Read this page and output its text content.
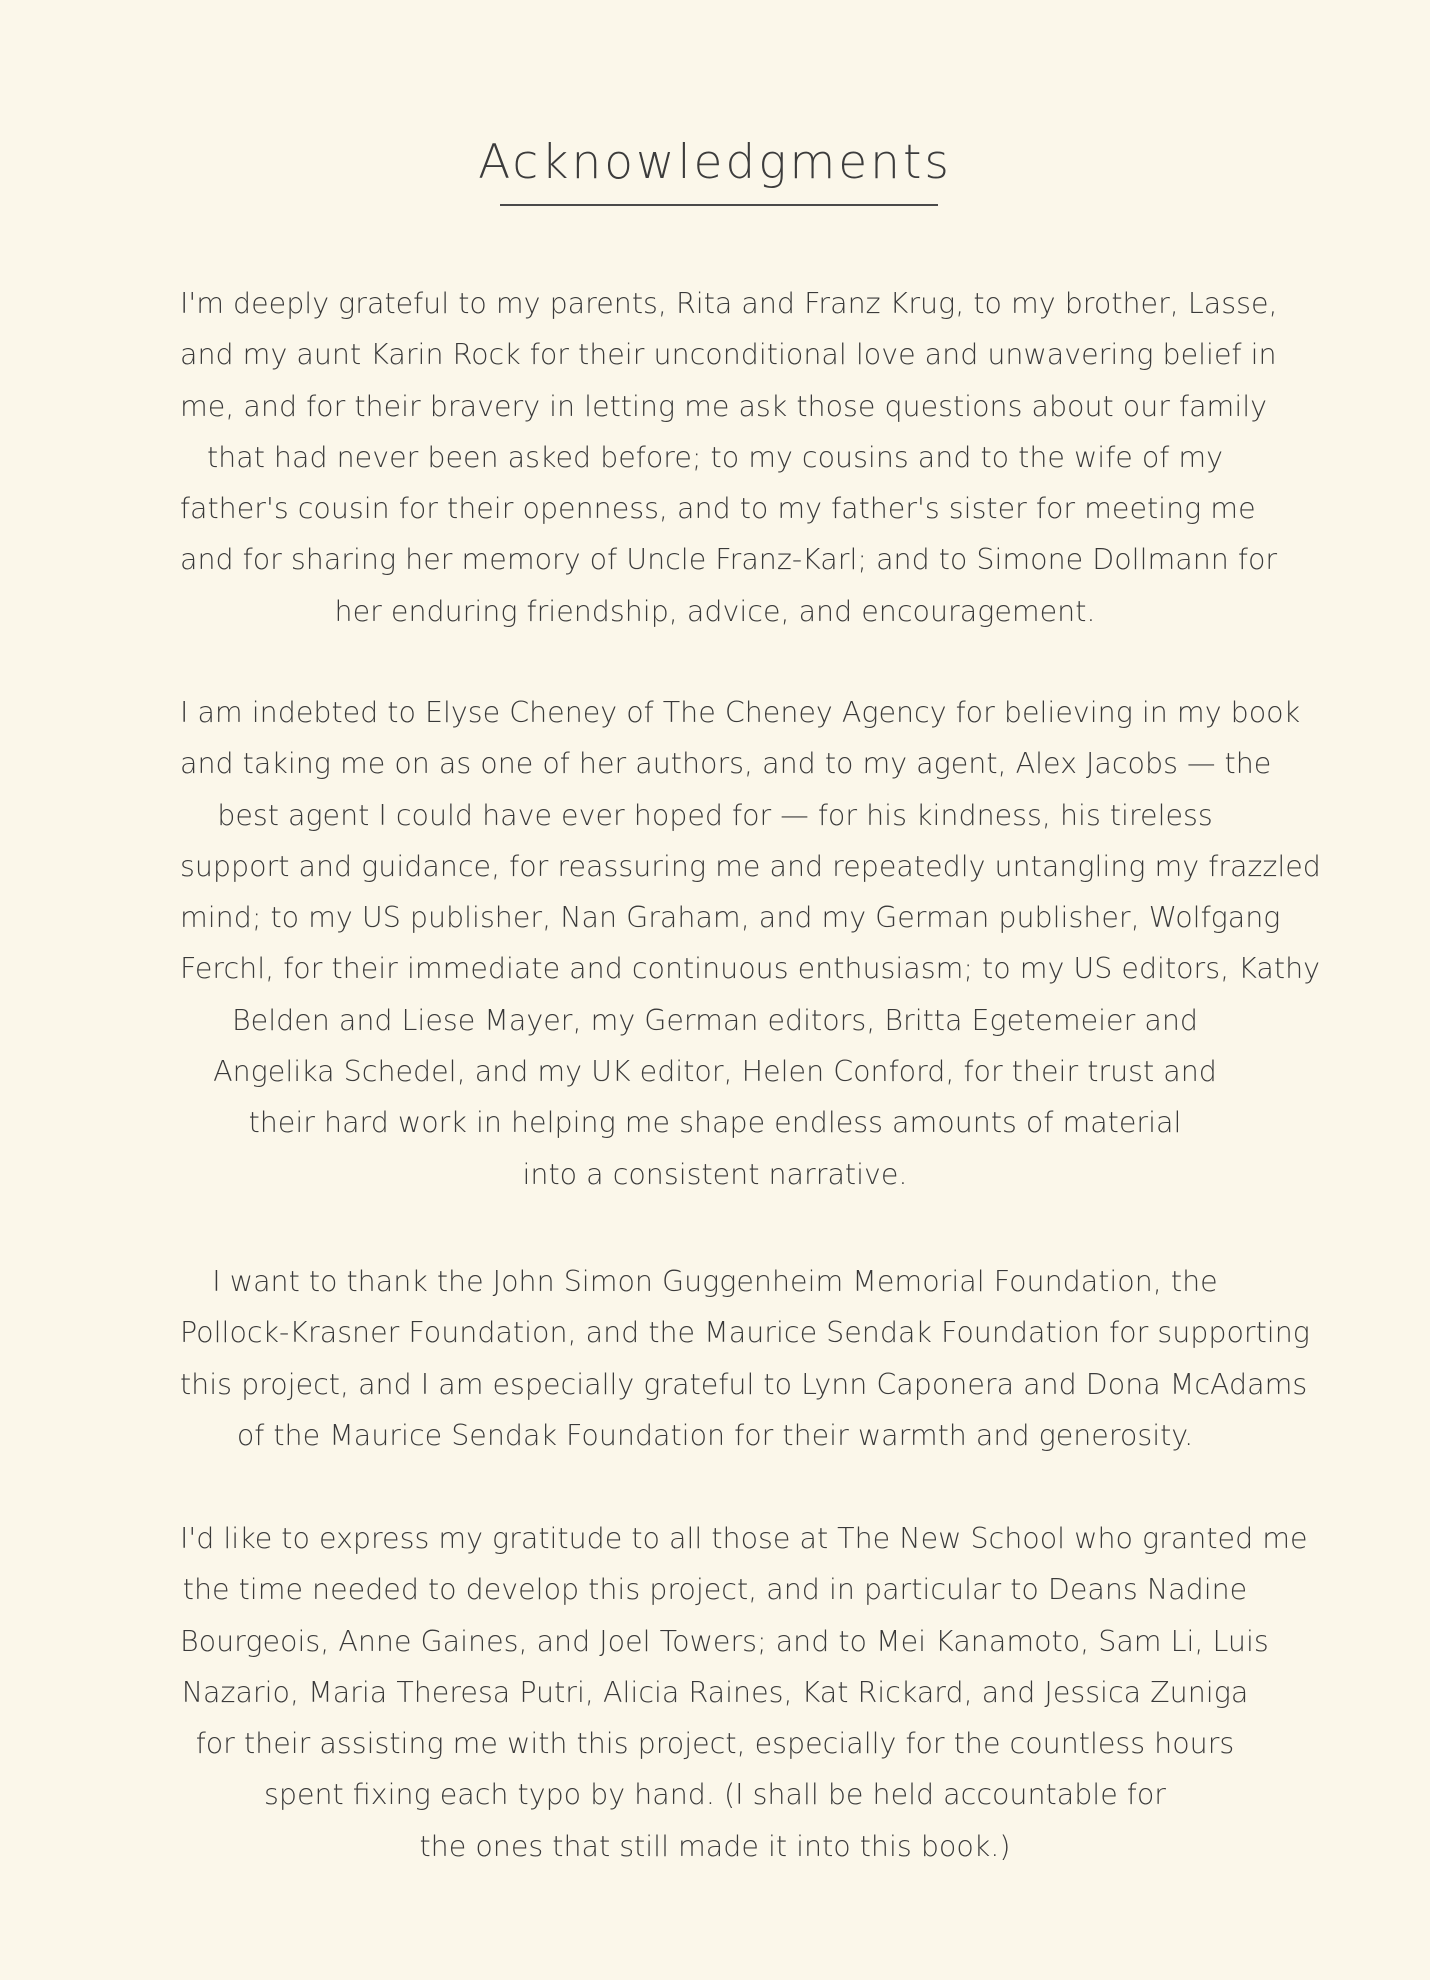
Acknowledgments

I'm deeply grateful to my parents, Rita and Franz Krug, to my brother, Lasse,
and my aunt Karin Rock for their unconditional love and unwavering belief in
me, and for their bravery in letting me ask those questions about our family
that had never been asked before; to my cousins and to the wife of my
father's cousin for their openness, and to my father's sister for meeting me
and for sharing her memory of Uncle Franz-Karl; and to Simone Dollmann for
her enduring friendship, advice, and encouragement.

I am indebted to Elyse Cheney of The Cheney Agency for believing in my book
and taking me on as one of her authors, and to my agent, Alex Jacobs — the
best agent I could have ever hoped for — for his kindness, his tireless
support and guidance, for reassuring me and repeatedly untangling my frazzled
mind; to my US publisher, Nan Graham, and my German publisher, Wolfgang
Ferchl, for their immediate and continuous enthusiasm; to my US editors, Kathy
Belden and Liese Mayer, my German editors, Britta Egetemeier and
Angelika Schedel, and my UK editor, Helen Conford, for their trust and
their hard work in helping me shape endless amounts of material
into a consistent narrative.

I want to thank the John Simon Guggenheim Memorial Foundation, the
Pollock-Krasner Foundation, and the Maurice Sendak Foundation for supporting
this project, and I am especially grateful to Lynn Caponera and Dona McAdams
of the Maurice Sendak Foundation for their warmth and generosity.

I'd like to express my gratitude to all those at The New School who granted me
the time needed to develop this project, and in particular to Deans Nadine
Bourgeois, Anne Gaines, and Joel Towers; and to Mei Kanamoto, Sam Li, Luis
Nazario, Maria Theresa Putri, Alicia Raines, Kat Rickard, and Jessica Zuniga
for their assisting me with this project, especially for the countless hours
spent fixing each typo by hand. (I shall be held accountable for
the ones that still made it into this book.)
